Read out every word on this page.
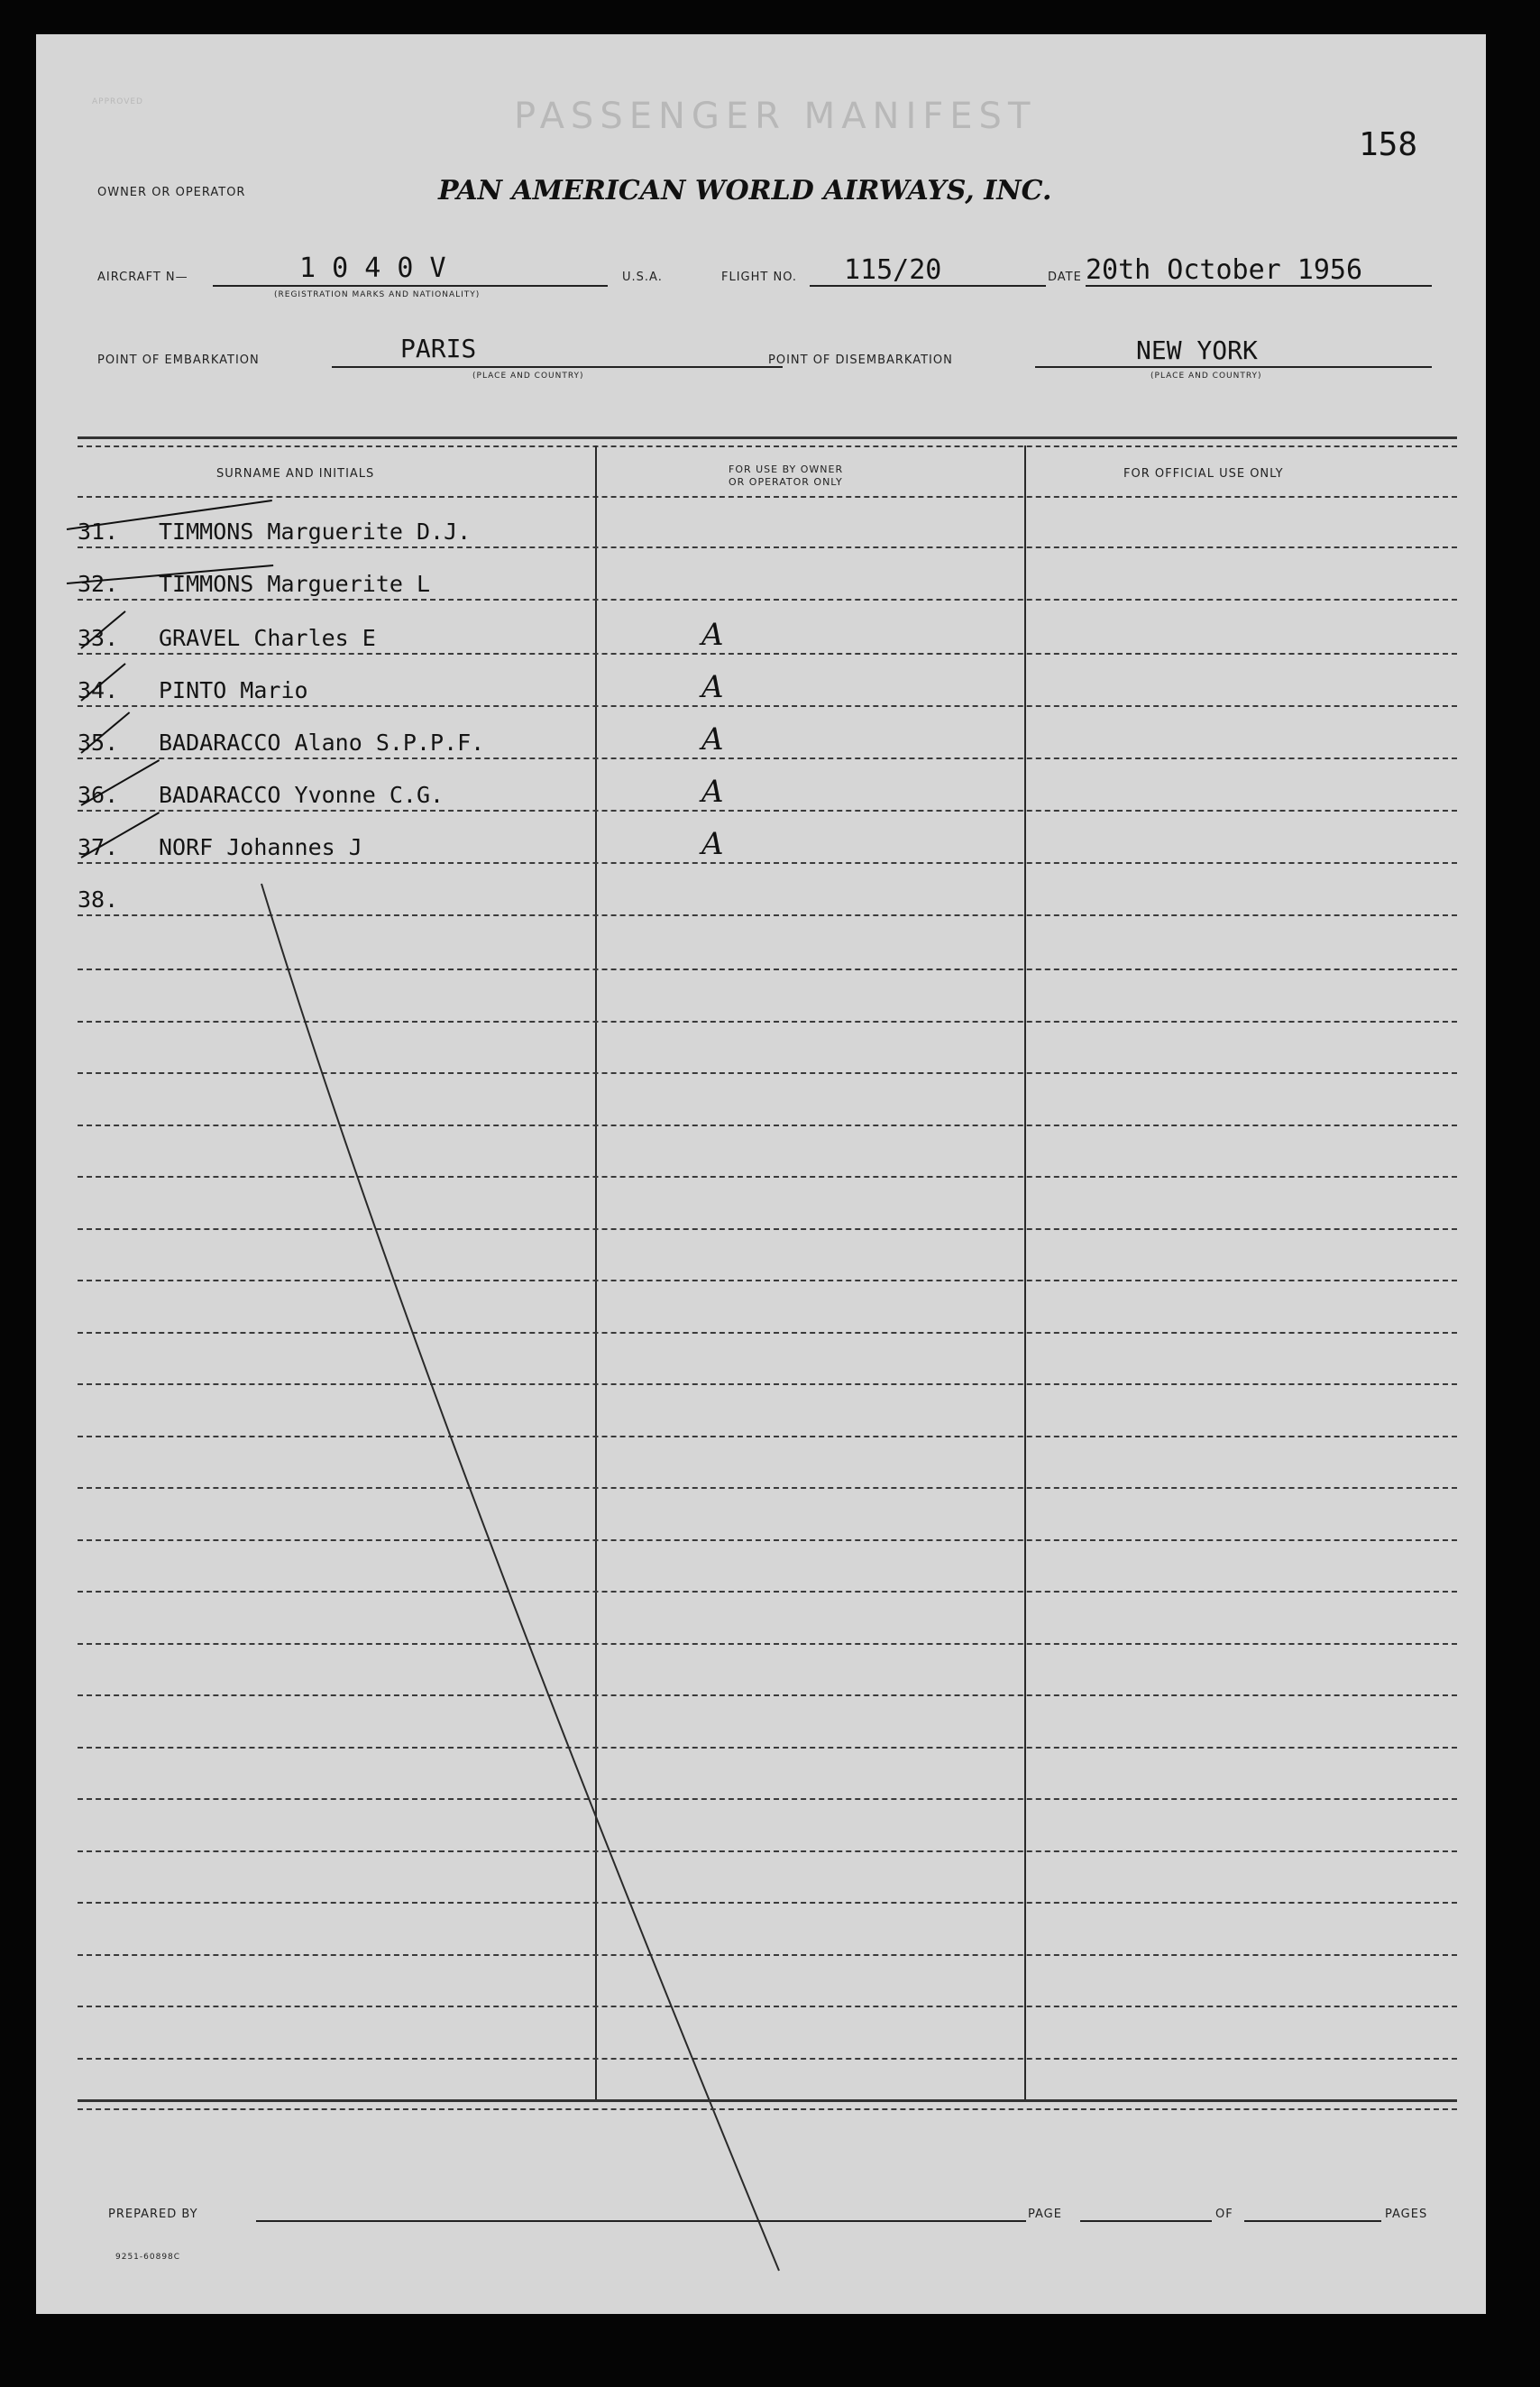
APPROVED	PASSENGER MANIFEST
158
OWNER OR OPERATOR	PAN AMERICAN WORLD AIRWAYS, INC.
AIRCRAFT N—	1 0 4 0 V
(REGISTRATION MARKS AND NATIONALITY)
U.S.A.	FLIGHT NO. 115/20	DATE 20th October 1956
POINT OF EMBARKATION	PARIS
(PLACE AND COUNTRY)
POINT OF DISEMBARKATION	NEW YORK
(PLACE AND COUNTRY)
SURNAME AND INITIALS	FOR USE BY OWNER
OR OPERATOR ONLY
FOR OFFICIAL USE ONLY
31. TIMMONS Marguerite D.J.
32. TIMMONS Marguerite L
33. GRAVEL Charles E	A
34. PINTO Mario	A
35. BADARACCO Alano S.P.P.F.	A
36. BADARACCO Yvonne C.G.	A
37. NORF Johannes J	A
38.
PREPARED BY	PAGE	OF	PAGES
9251-60898C
